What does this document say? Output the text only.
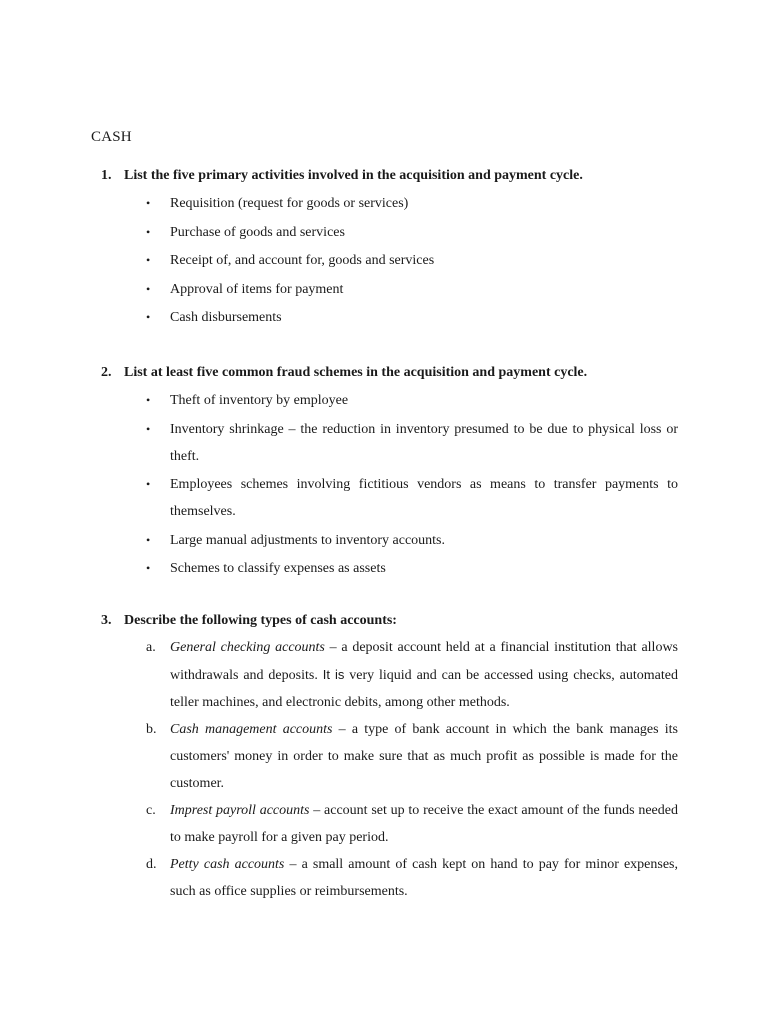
CASH
1. List the five primary activities involved in the acquisition and payment cycle.
• Requisition (request for goods or services)
• Purchase of goods and services
• Receipt of, and account for, goods and services
• Approval of items for payment
• Cash disbursements
2. List at least five common fraud schemes in the acquisition and payment cycle.
• Theft of inventory by employee
• Inventory shrinkage – the reduction in inventory presumed to be due to physical loss or theft.
• Employees schemes involving fictitious vendors as means to transfer payments to themselves.
• Large manual adjustments to inventory accounts.
• Schemes to classify expenses as assets
3. Describe the following types of cash accounts:
a. General checking accounts – a deposit account held at a financial institution that allows withdrawals and deposits. It is very liquid and can be accessed using checks, automated teller machines, and electronic debits, among other methods.
b. Cash management accounts – a type of bank account in which the bank manages its customers' money in order to make sure that as much profit as possible is made for the customer.
c. Imprest payroll accounts – account set up to receive the exact amount of the funds needed to make payroll for a given pay period.
d. Petty cash accounts – a small amount of cash kept on hand to pay for minor expenses, such as office supplies or reimbursements.
